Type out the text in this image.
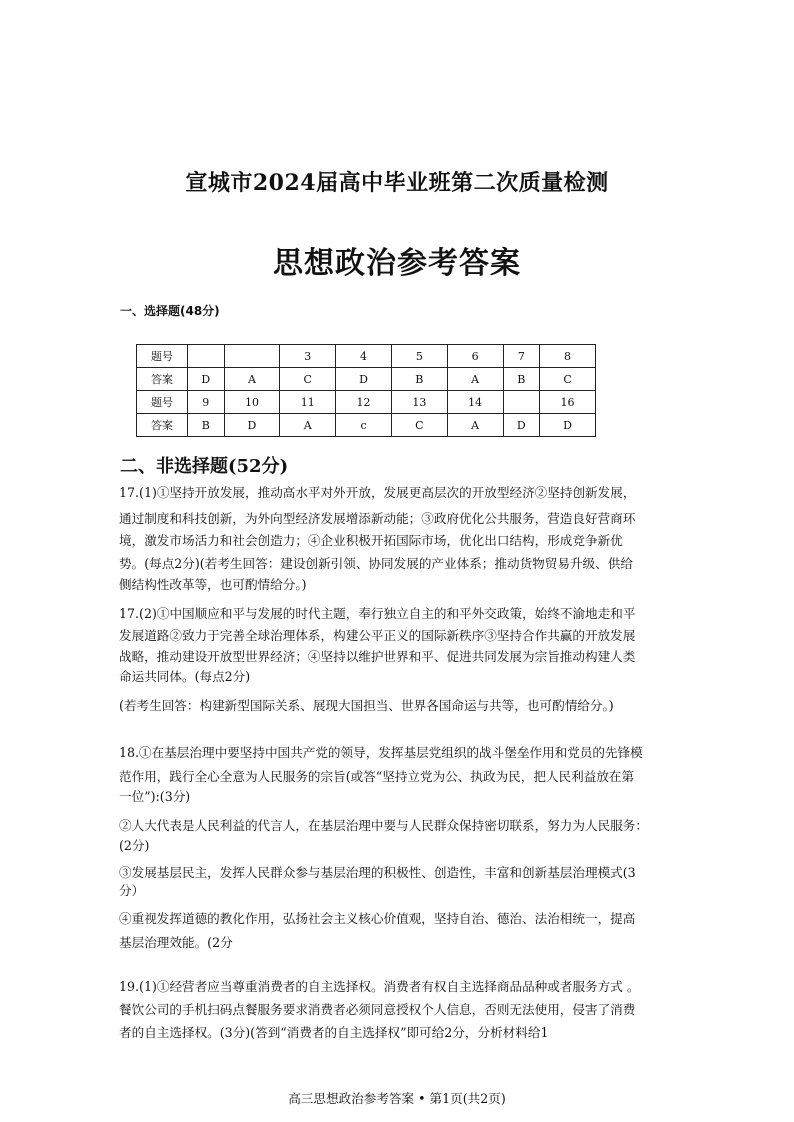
宣城市2024届高中毕业班第二次质量检测
思想政治参考答案
一、选择题(48分)
题号			3	4	5	6	7	8
答案	D	A	C	D	B	A	B	C
题号	9	10	11	12	13	14		16
答案	B	D	A	c	C	A	D	D
二、非选择题(52分)
17.(1)①坚持开放发展，推动高水平对外开放，发展更高层次的开放型经济②坚持创新发展，
通过制度和科技创新，为外向型经济发展增添新动能；③政府优化公共服务，营造良好营商环
境，激发市场活力和社会创造力；④企业积极开拓国际市场，优化出口结构，形成竞争新优
势。(每点2分)(若考生回答：建设创新引领、协同发展的产业体系；推动货物贸易升级、供给
侧结构性改革等，也可酌情给分。)
17.(2)①中国顺应和平与发展的时代主题，奉行独立自主的和平外交政策，始终不渝地走和平
发展道路②致力于完善全球治理体系，构建公平正义的国际新秩序③坚持合作共赢的开放发展
战略，推动建设开放型世界经济；④坚持以维护世界和平、促进共同发展为宗旨推动构建人类
命运共同体。(每点2分)
(若考生回答：构建新型国际关系、展现大国担当、世界各国命运与共等，也可酌情给分。)
18.①在基层治理中要坚持中国共产党的领导，发挥基层党组织的战斗堡垒作用和党员的先锋模
范作用，践行全心全意为人民服务的宗旨(或答“坚持立党为公、执政为民，把人民利益放在第
一位”):(3分)
②人大代表是人民利益的代言人，在基层治理中要与人民群众保持密切联系，努力为人民服务：
(2分)
③发展基层民主，发挥人民群众参与基层治理的积极性、创造性，丰富和创新基层治理模式(3
分）
④重视发挥道德的教化作用，弘扬社会主义核心价值观，坚持自治、德治、法治相统一，提高
基层治理效能。(2分
19.(1)①经营者应当尊重消费者的自主选择权。消费者有权自主选择商品品种或者服务方式 。
餐饮公司的手机扫码点餐服务要求消费者必须同意授权个人信息，否则无法使用，侵害了消费
者的自主选择权。(3分)(答到“消费者的自主选择权”即可给2分，分析材料给1
高三思想政治参考答案 • 第1页(共2页)
